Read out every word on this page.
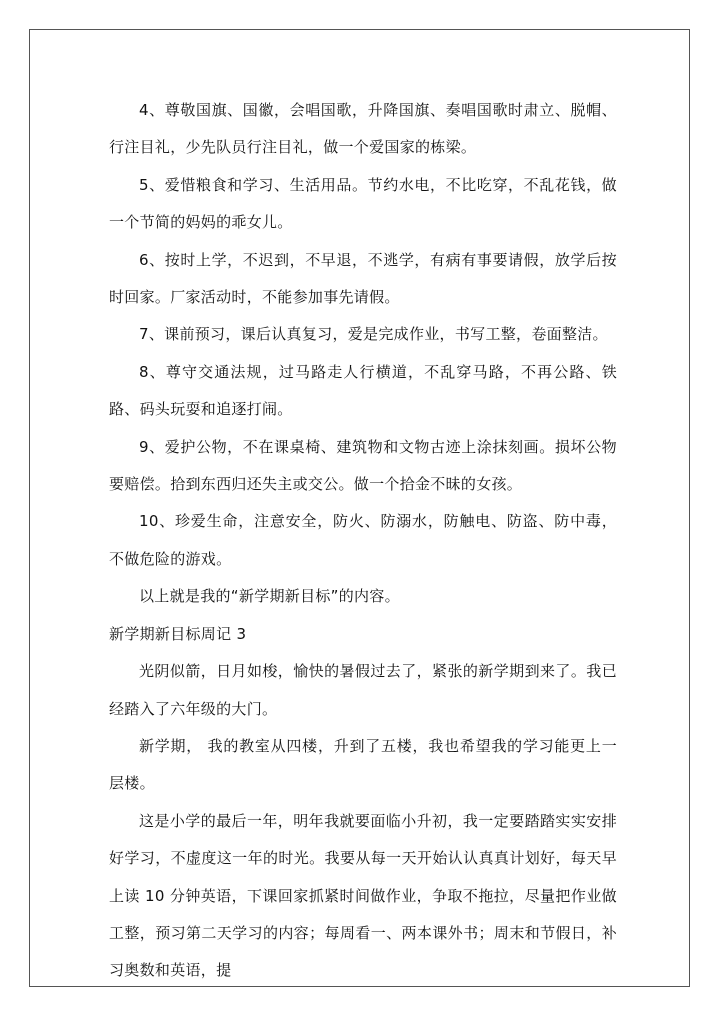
4、尊敬国旗、国徽，会唱国歌，升降国旗、奏唱国歌时肃立、脱帽、行注目礼，少先队员行注目礼，做一个爱国家的栋梁。

5、爱惜粮食和学习、生活用品。节约水电，不比吃穿，不乱花钱，做一个节简的妈妈的乖女儿。

6、按时上学，不迟到，不早退，不逃学，有病有事要请假，放学后按时回家。厂家活动时，不能参加事先请假。

7、课前预习，课后认真复习，爱是完成作业，书写工整，卷面整洁。

8、尊守交通法规，过马路走人行横道，不乱穿马路，不再公路、铁路、码头玩耍和追逐打闹。

9、爱护公物，不在课桌椅、建筑物和文物古迹上涂抹刻画。损坏公物要赔偿。拾到东西归还失主或交公。做一个拾金不昧的女孩。

10、珍爱生命，注意安全，防火、防溺水，防触电、防盗、防中毒，不做危险的游戏。

以上就是我的“新学期新目标”的内容。

新学期新目标周记 3

光阴似箭，日月如梭，愉快的暑假过去了，紧张的新学期到来了。我已经踏入了六年级的大门。

新学期， 我的教室从四楼，升到了五楼，我也希望我的学习能更上一层楼。

这是小学的最后一年，明年我就要面临小升初，我一定要踏踏实实安排好学习，不虚度这一年的时光。我要从每一天开始认认真真计划好，每天早上读 10 分钟英语，下课回家抓紧时间做作业，争取不拖拉，尽量把作业做工整，预习第二天学习的内容；每周看一、两本课外书；周末和节假日，补习奥数和英语，提
